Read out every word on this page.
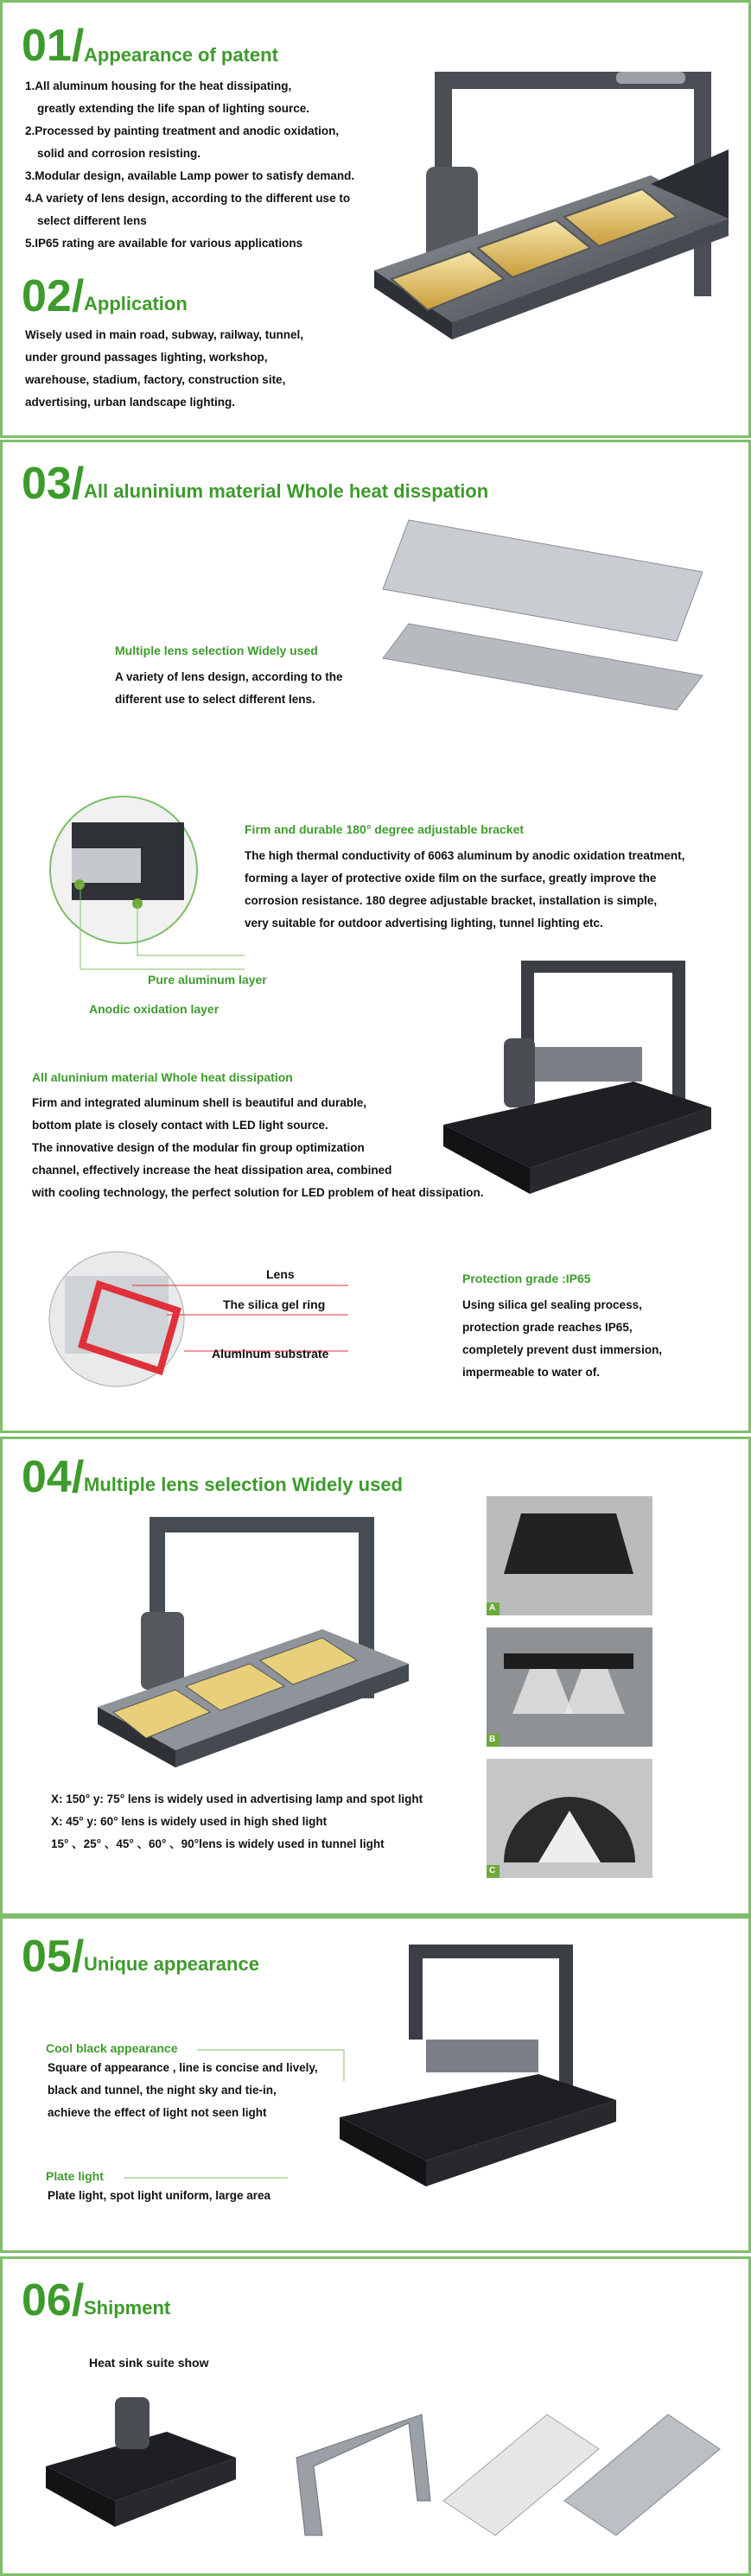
01/ Appearance of patent
1.All aluminum housing for the heat dissipating,
greatly extending the life span of lighting source.
2.Processed by painting treatment and anodic oxidation,
solid and corrosion resisting.
3.Modular design, available Lamp power to satisfy demand.
4.A variety of lens design, according to the different use to
select different lens
5.IP65 rating are available for various applications
02/ Application
Wisely used in main road, subway, railway, tunnel,
under ground passages lighting, workshop,
warehouse, stadium, factory, construction site,
advertising, urban landscape lighting.
03/ All aluninium material Whole heat disspation
Multiple lens selection Widely used
A variety of lens design, according to the
different use to select different lens.
Pure aluminum layer
Anodic oxidation layer
Firm and durable 180° degree adjustable bracket
The high thermal conductivity of 6063 aluminum by anodic oxidation treatment,
forming a layer of protective oxide film on the surface, greatly improve the
corrosion resistance. 180 degree adjustable bracket, installation is simple,
very suitable for outdoor advertising lighting, tunnel lighting etc.
All aluninium material Whole heat dissipation
Firm and integrated aluminum shell is beautiful and durable,
bottom plate is closely contact with LED light source.
The innovative design of the modular fin group optimization
channel, effectively increase the heat dissipation area, combined
with cooling technology, the perfect solution for LED problem of heat dissipation.
Lens
The silica gel ring
Aluminum substrate
Protection grade :IP65
Using silica gel sealing process,
protection grade reaches IP65,
completely prevent dust immersion,
impermeable to water of.
04/ Multiple lens selection Widely used
X: 150° y: 75° lens is widely used in advertising lamp and spot light
X: 45° y: 60° lens is widely used in high shed light
15° 、25° 、45° 、60° 、90°lens is widely used in tunnel light
A
B
C
05/ Unique appearance
Cool black appearance
Square of appearance , line is concise and lively,
black and tunnel, the night sky and tie-in,
achieve the effect of light not seen light
Plate light
Plate light, spot light uniform, large area
06/ Shipment
Heat sink suite show
